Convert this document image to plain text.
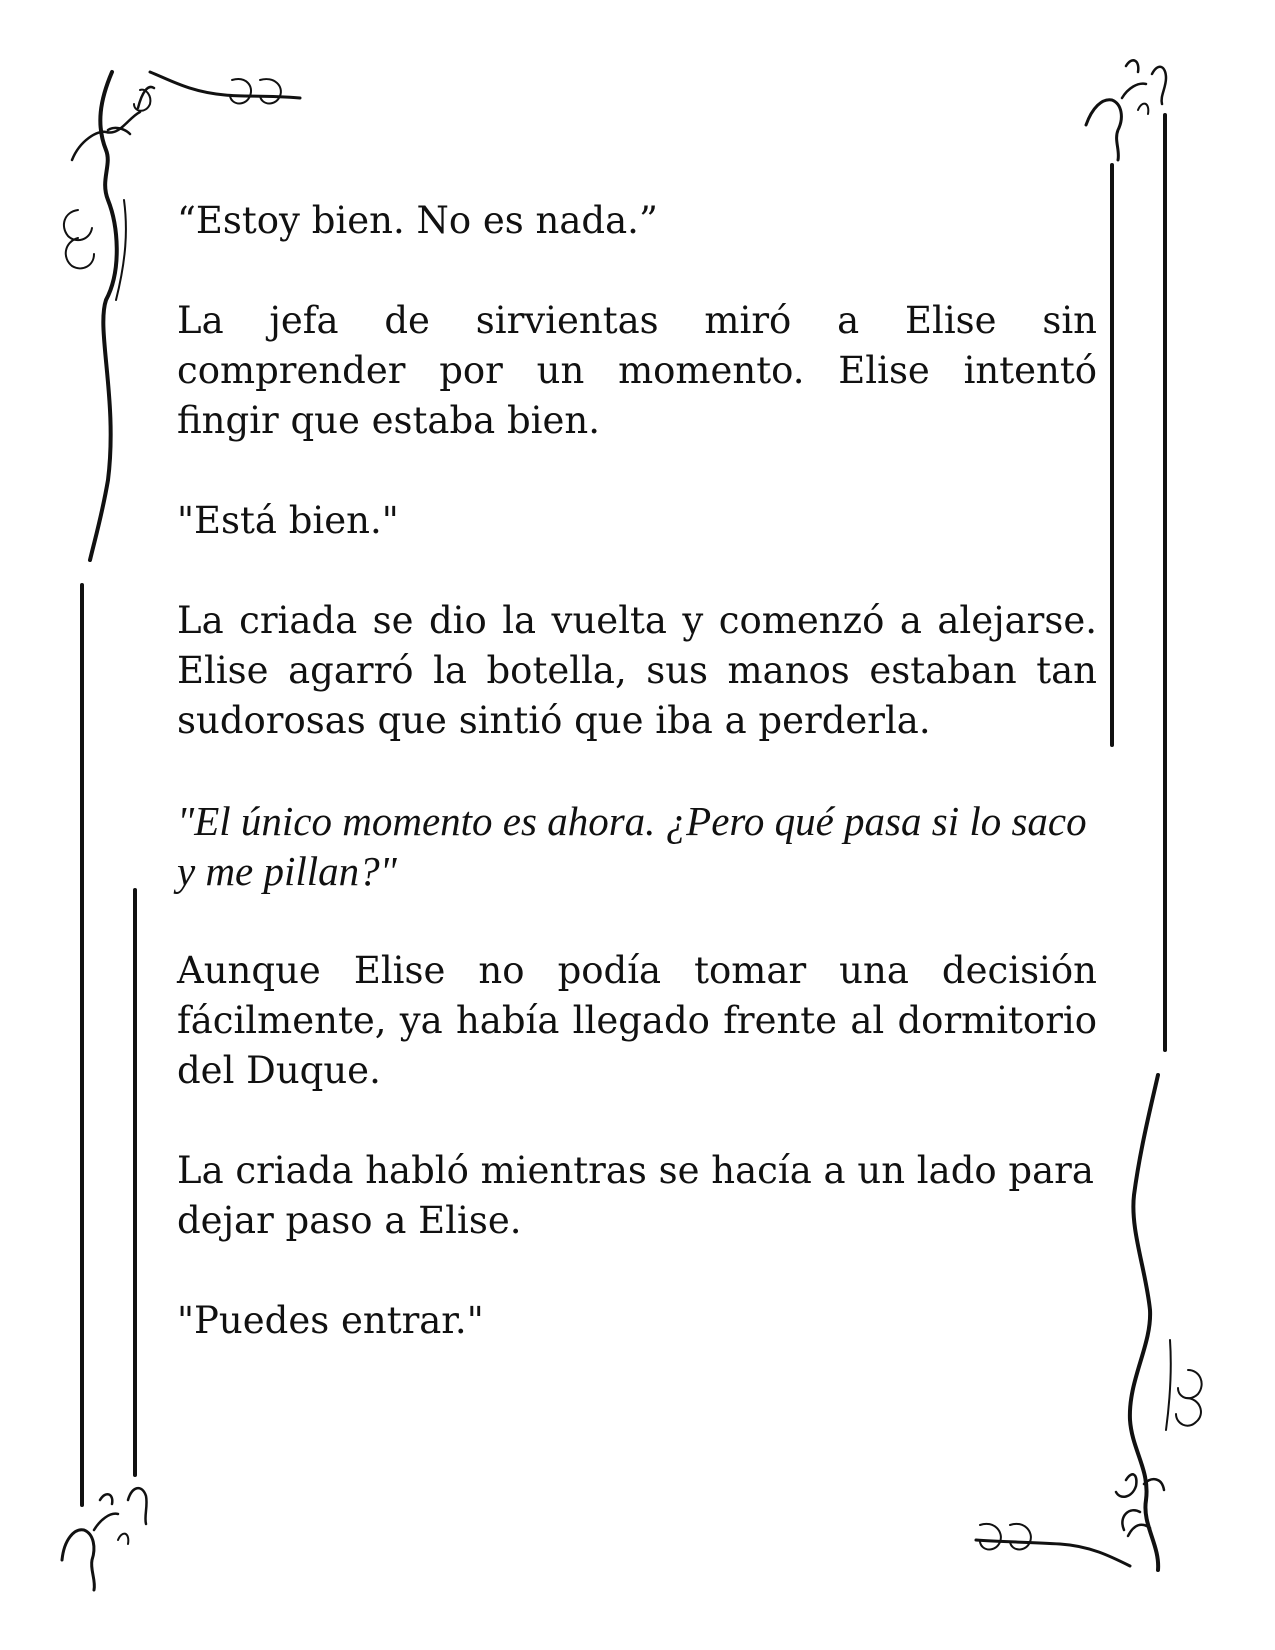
“Estoy bien. No es nada.”

La jefa de sirvientas miró a Elise sin comprender por un momento. Elise intentó fingir que estaba bien.

"Está bien."

La criada se dio la vuelta y comenzó a alejarse. Elise agarró la botella, sus manos estaban tan sudorosas que sintió que iba a perderla.

"El único momento es ahora. ¿Pero qué pasa si lo saco y me pillan?"

Aunque Elise no podía tomar una decisión fácilmente, ya había llegado frente al dormitorio del Duque.

La criada habló mientras se hacía a un lado para dejar paso a Elise.

"Puedes entrar."
